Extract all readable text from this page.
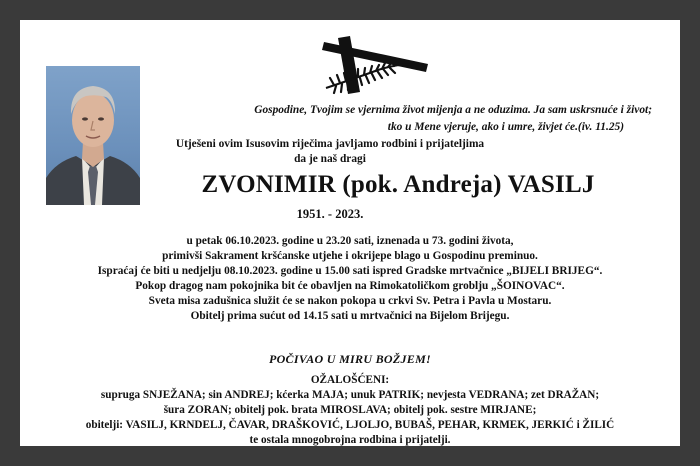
Gospodine, Tvojim se vjernima život mijenja a ne oduzima. Ja sam uskrsnuće i život;
tko u Mene vjeruje, ako i umre, živjet će.(iv. 11.25)
Utješeni ovim Isusovim riječima javljamo rodbini i prijateljima
da je naš dragi
ZVONIMIR (pok. Andreja) VASILJ
1951. - 2023.
u petak 06.10.2023. godine u 23.20 sati, iznenada u 73. godini života,
primivši Sakrament kršćanske utjehe i okrijepe blago u Gospodinu preminuo.
Ispraćaj će biti u nedjelju 08.10.2023. godine u 15.00 sati ispred Gradske mrtvačnice „BIJELI BRIJEG“.
Pokop dragog nam pokojnika bit će obavljen na Rimokatoličkom groblju „ŠOINOVAC“.
Sveta misa zadušnica služit će se nakon pokopa u crkvi Sv. Petra i Pavla u Mostaru.
Obitelj prima sućut od 14.15 sati u mrtvačnici na Bijelom Brijegu.
POČIVAO U MIRU BOŽJEM!
OŽALOŠĆENI:
supruga SNJEŽANA; sin ANDREJ; kćerka MAJA; unuk PATRIK; nevjesta VEDRANA; zet DRAŽAN;
šura ZORAN; obitelj pok. brata MIROSLAVA; obitelj pok. sestre MIRJANE;
obitelji: VASILJ, KRNDELJ, ČAVAR, DRAŠKOVIĆ, LJOLJO, BUBAŠ, PEHAR, KRMEK, JERKIĆ i ŽILIĆ
te ostala mnogobrojna rodbina i prijatelji.
